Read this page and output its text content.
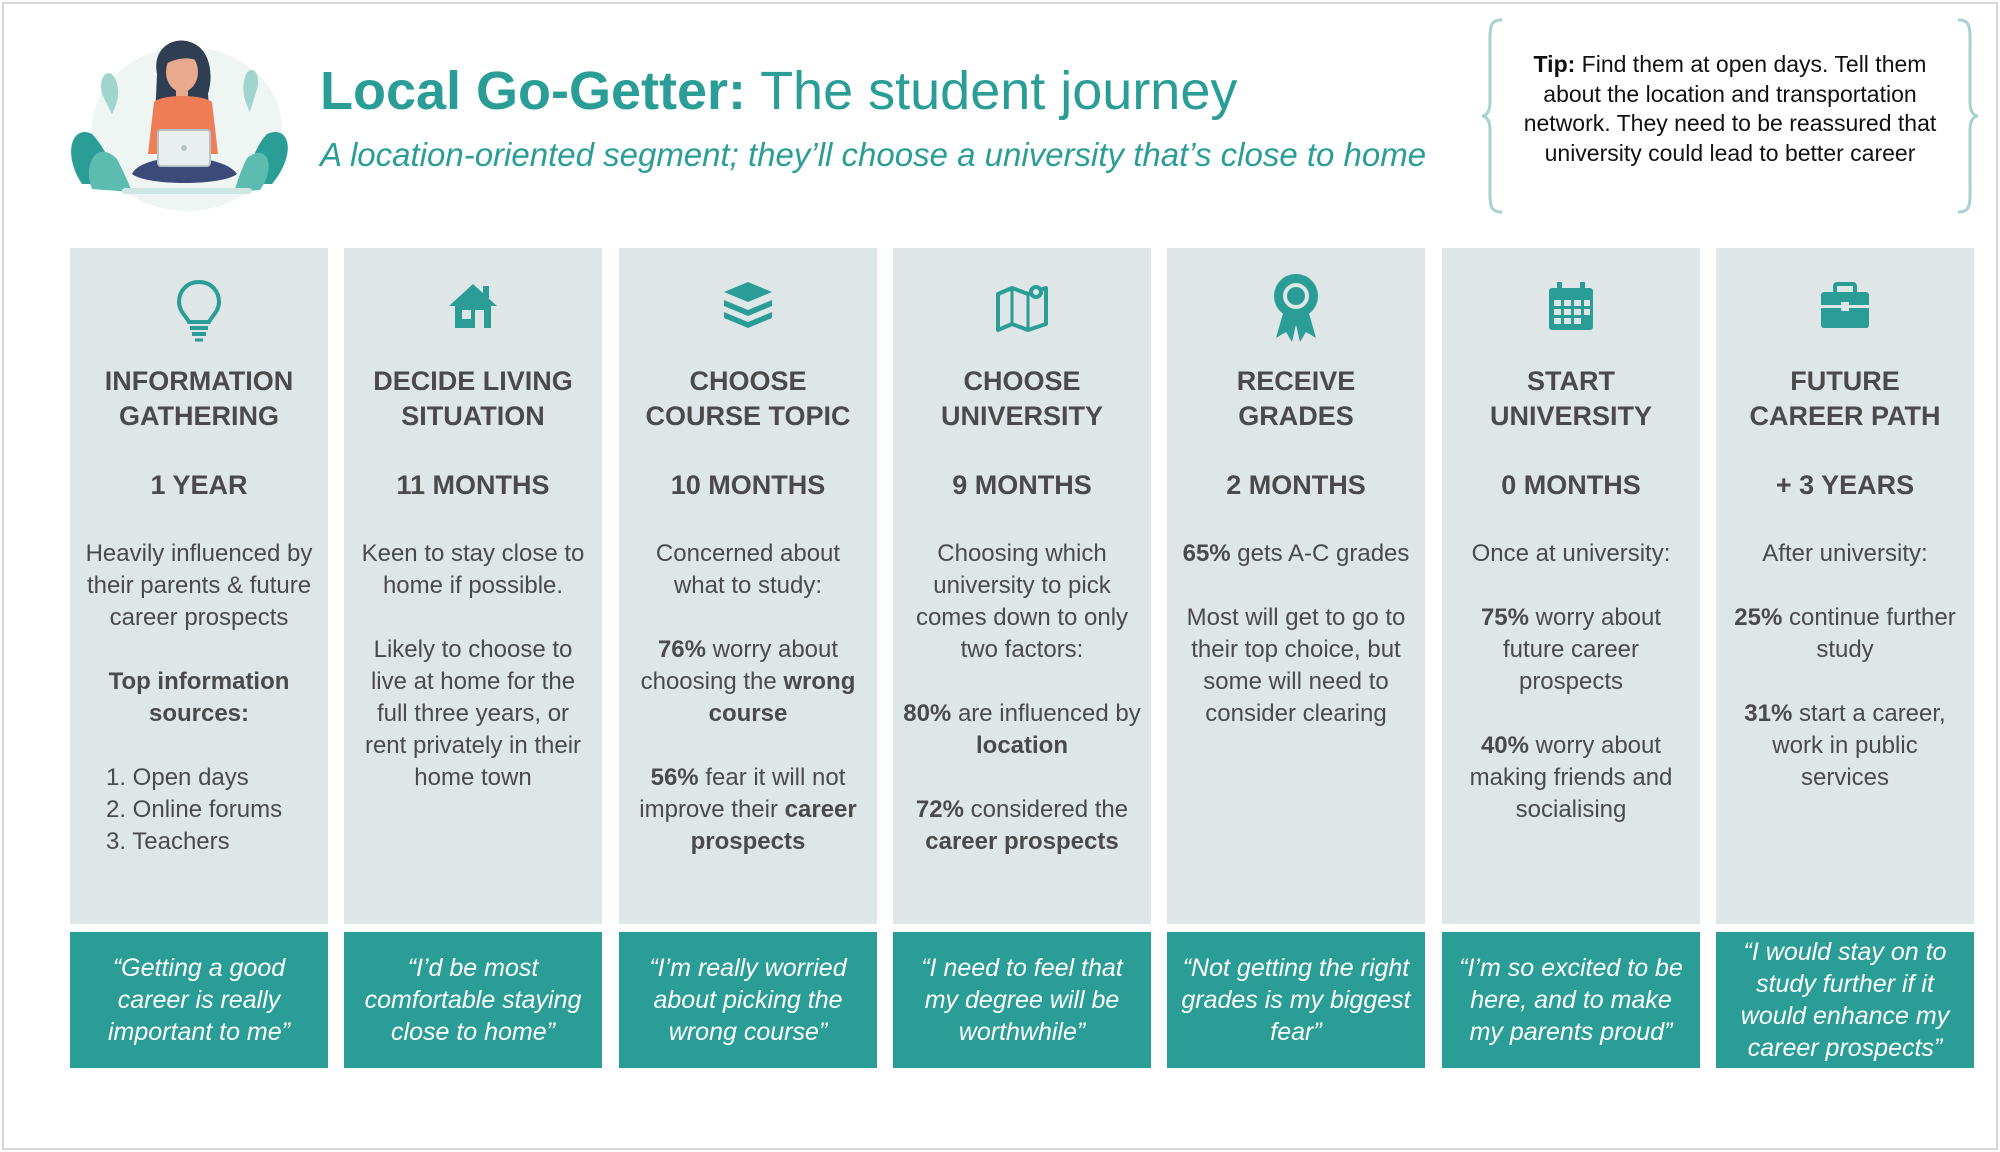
Local Go-Getter: The student journey
A location-oriented segment; they’ll choose a university that’s close to home
Tip: Find them at open days. Tell them about the location and transportation network. They need to be reassured that university could lead to better career
INFORMATION
GATHERING
1 YEAR

Heavily influenced by their parents & future career prospects

Top information sources:

1. Open days
2. Online forums
3. Teachers
“Getting a good career is really important to me”
DECIDE LIVING
SITUATION
11 MONTHS

Keen to stay close to home if possible.

Likely to choose to live at home for the full three years, or rent privately in their home town

“I’d be most comfortable staying close to home”
CHOOSE
COURSE TOPIC
10 MONTHS

Concerned about what to study:

76% worry about choosing the wrong course

56% fear it will not improve their career prospects

“I’m really worried about picking the wrong course”
CHOOSE
UNIVERSITY
9 MONTHS

Choosing which university to pick comes down to only two factors:

80% are influenced by location

72% considered the career prospects

“I need to feel that my degree will be worthwhile”
RECEIVE
GRADES
2 MONTHS

65% gets A-C grades

Most will get to go to their top choice, but some will need to consider clearing

“Not getting the right grades is my biggest fear”
START
UNIVERSITY
0 MONTHS

Once at university:

75% worry about future career prospects

40% worry about making friends and socialising

“I’m so excited to be here, and to make my parents proud”
FUTURE
CAREER PATH
+ 3 YEARS

After university:

25% continue further study

31% start a career, work in public services

“I would stay on to study further if it would enhance my career prospects”
